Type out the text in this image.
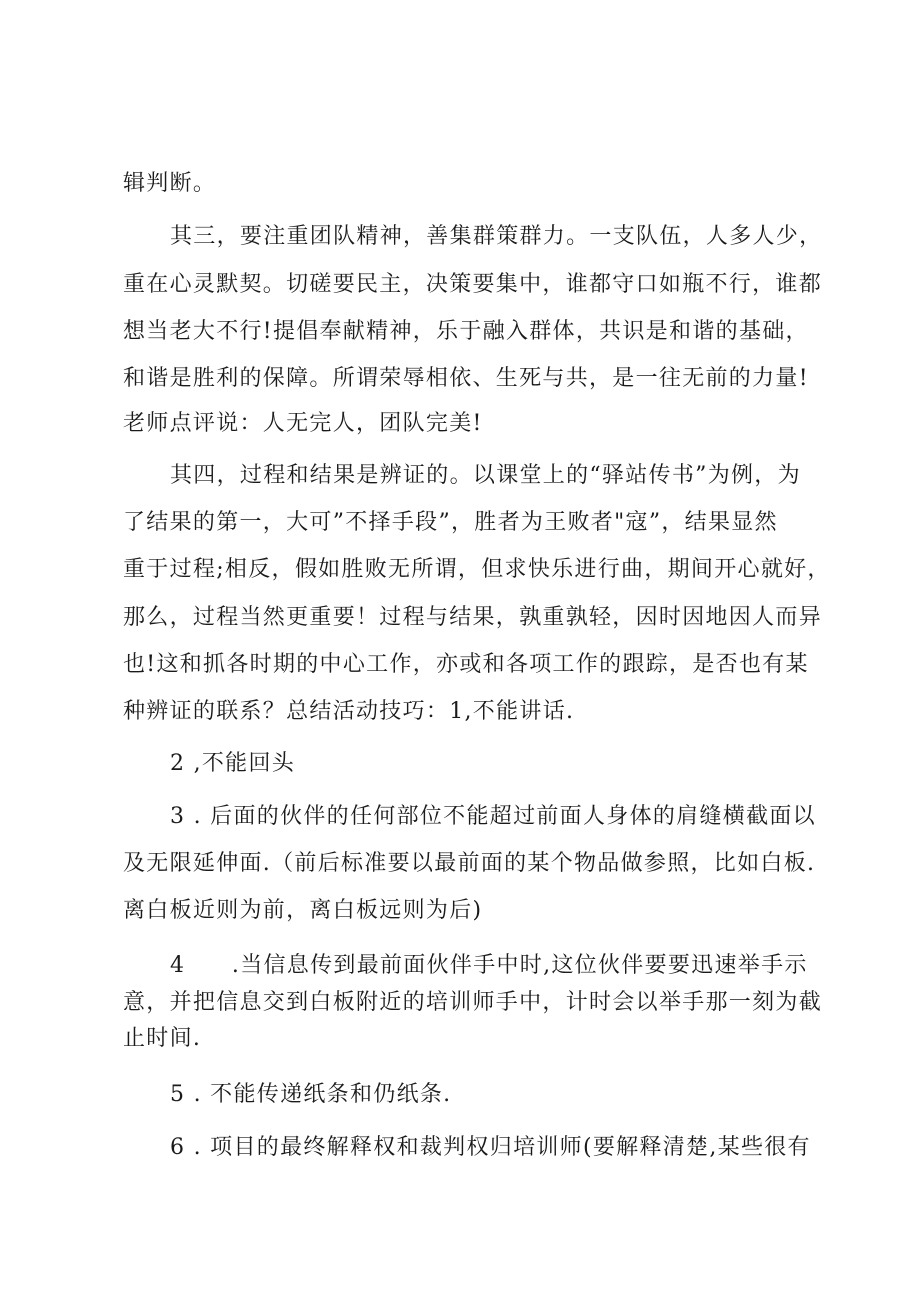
辑判断。
其三，要注重团队精神，善集群策群力。一支队伍，人多人少，
重在心灵默契。切磋要民主，决策要集中，谁都守口如瓶不行，谁都
想当老大不行!提倡奉献精神，乐于融入群体，共识是和谐的基础，
和谐是胜利的保障。所谓荣辱相依、生死与共，是一往无前的力量!
老师点评说：人无完人，团队完美!
其四，过程和结果是辨证的。以课堂上的“驿站传书”为例，为
了结果的第一，大可”不择手段”，胜者为王败者"寇”，结果显然
重于过程;相反，假如胜败无所谓，但求快乐进行曲，期间开心就好，
那么，过程当然更重要！过程与结果，孰重孰轻，因时因地因人而异
也!这和抓各时期的中心工作，亦或和各项工作的跟踪，是否也有某
种辨证的联系？总结活动技巧：1,不能讲话.
2 ,不能回头
3 . 后面的伙伴的任何部位不能超过前面人身体的肩缝横截面以
及无限延伸面.（前后标准要以最前面的某个物品做参照，比如白板.
离白板近则为前，离白板远则为后)
4　　.当信息传到最前面伙伴手中时,这位伙伴要要迅速举手示
意，并把信息交到白板附近的培训师手中，计时会以举手那一刻为截
止时间.
5 . 不能传递纸条和仍纸条.
6 . 项目的最终解释权和裁判权归培训师(要解释清楚,某些很有
